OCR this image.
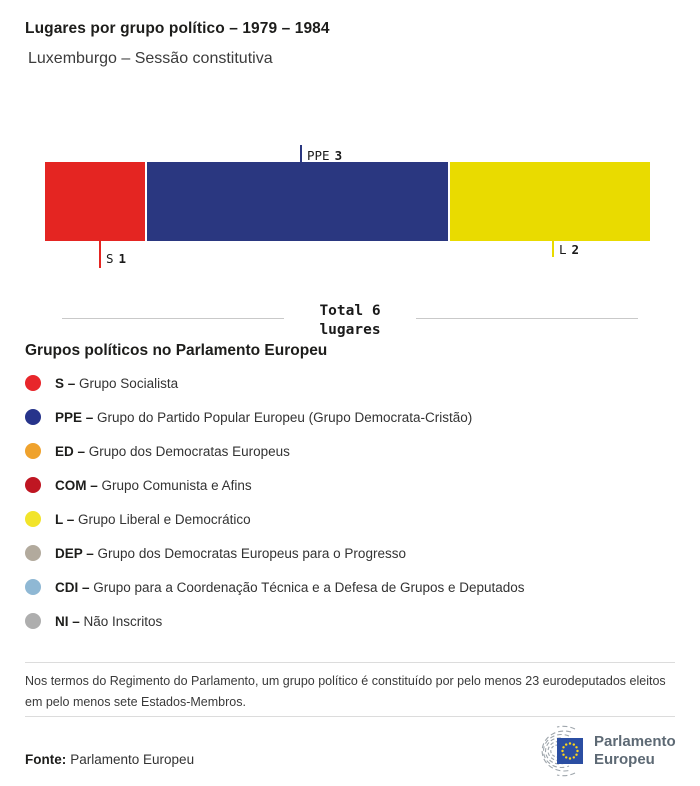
Lugares por grupo político – 1979 – 1984
Luxemburgo – Sessão constitutiva
PPE 3
S 1
L 2
Total 6
lugares
Grupos políticos no Parlamento Europeu
S – Grupo Socialista
PPE – Grupo do Partido Popular Europeu (Grupo Democrata-Cristão)
ED – Grupo dos Democratas Europeus
COM – Grupo Comunista e Afins
L – Grupo Liberal e Democrático
DEP – Grupo dos Democratas Europeus para o Progresso
CDI – Grupo para a Coordenação Técnica e a Defesa de Grupos e Deputados
NI – Não Inscritos
Nos termos do Regimento do Parlamento, um grupo político é constituído por pelo menos 23 eurodeputados eleitos em pelo menos sete Estados-Membros.
Fonte: Parlamento Europeu
Parlamento
Europeu
